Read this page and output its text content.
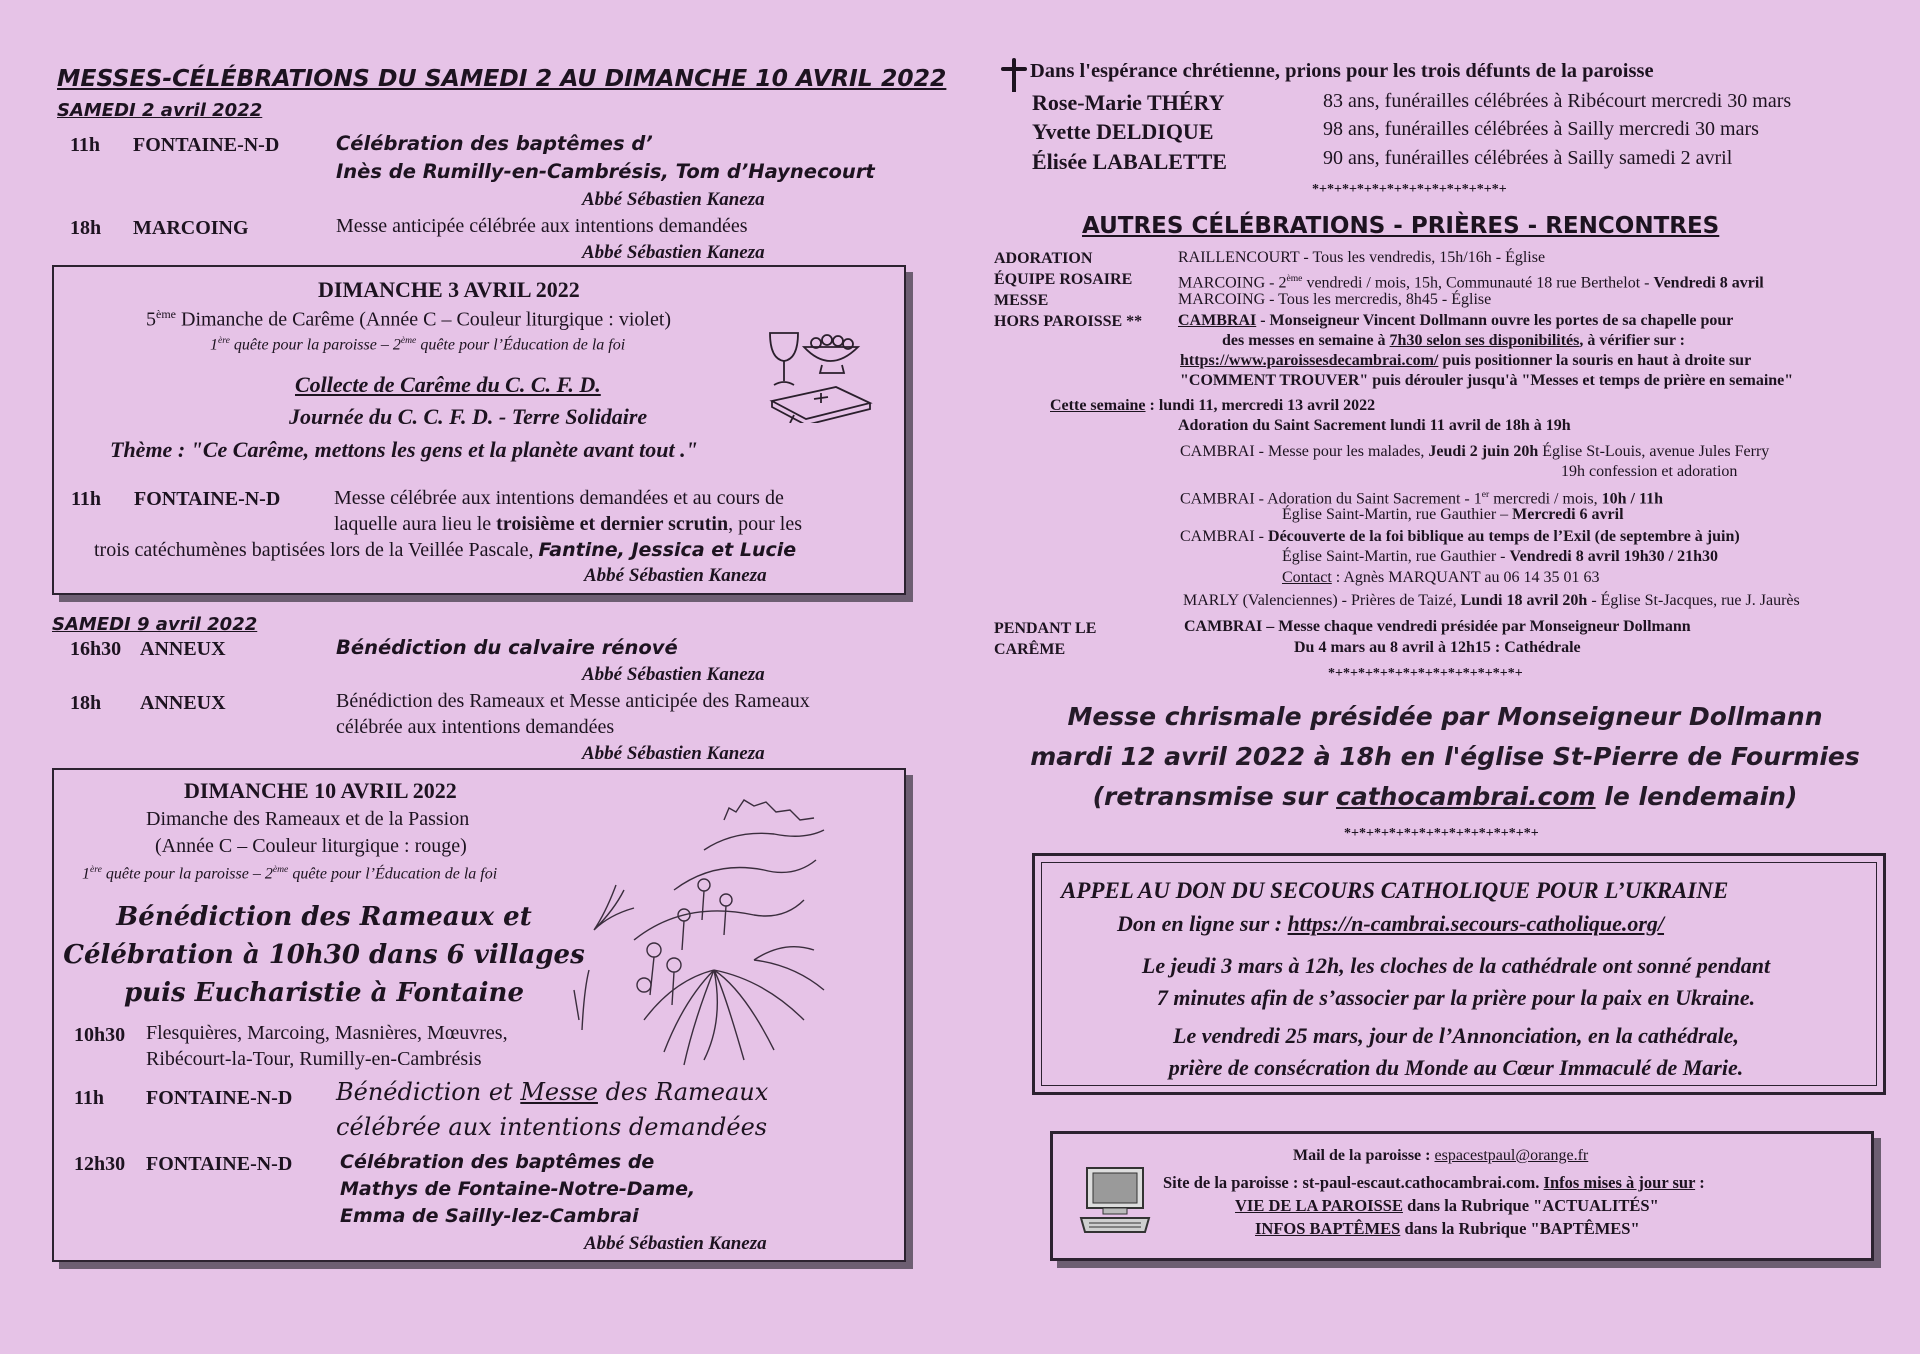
MESSES-CÉLÉBRATIONS DU SAMEDI 2 AU DIMANCHE 10 AVRIL 2022
SAMEDI 2 avril 2022
11h FONTAINE-N-D	Célébration des baptêmes d’
Inès de Rumilly-en-Cambrésis, Tom d’Haynecourt
Abbé Sébastien Kaneza
18h MARCOING	Messe anticipée célébrée aux intentions demandées
Abbé Sébastien Kaneza
DIMANCHE 3 AVRIL 2022
5ème Dimanche de Carême (Année C – Couleur liturgique : violet)
1ère quête pour la paroisse – 2ème quête pour l’Éducation de la foi
Collecte de Carême du C. C. F. D.
Journée du C. C. F. D. - Terre Solidaire
Thème : "Ce Carême, mettons les gens et la planète avant tout ."
11h FONTAINE-N-D	Messe célébrée aux intentions demandées et au cours de
laquelle aura lieu le troisième et dernier scrutin, pour les
trois catéchumènes baptisées lors de la Veillée Pascale, Fantine, Jessica et Lucie
Abbé Sébastien Kaneza
SAMEDI 9 avril 2022
16h30 ANNEUX	Bénédiction du calvaire rénové
Abbé Sébastien Kaneza
18h ANNEUX	Bénédiction des Rameaux et Messe anticipée des Rameaux
célébrée aux intentions demandées
Abbé Sébastien Kaneza
DIMANCHE 10 AVRIL 2022
Dimanche des Rameaux et de la Passion
(Année C – Couleur liturgique : rouge)
1ère quête pour la paroisse – 2ème quête pour l’Éducation de la foi
Bénédiction des Rameaux et
Célébration à 10h30 dans 6 villages
puis Eucharistie à Fontaine
10h30 Flesquières, Marcoing, Masnières, Mœuvres,
Ribécourt-la-Tour, Rumilly-en-Cambrésis
11h FONTAINE-N-D Bénédiction et Messe des Rameaux
célébrée aux intentions demandées
12h30 FONTAINE-N-D	Célébration des baptêmes de
Mathys de Fontaine-Notre-Dame,
Emma de Sailly-lez-Cambrai
Abbé Sébastien Kaneza
Dans l'espérance chrétienne, prions pour les trois défunts de la paroisse
Rose-Marie THÉRY	83 ans, funérailles célébrées à Ribécourt mercredi 30 mars
Yvette DELDIQUE	98 ans, funérailles célébrées à Sailly mercredi 30 mars
Élisée LABALETTE	90 ans, funérailles célébrées à Sailly samedi 2 avril
*+*+*+*+*+*+*+*+*+*+*+*+*+
AUTRES CÉLÉBRATIONS - PRIÈRES - RENCONTRES
ADORATION	RAILLENCOURT - Tous les vendredis, 15h/16h - Église
ÉQUIPE ROSAIRE	MARCOING - 2ème vendredi / mois, 15h, Communauté 18 rue Berthelot - Vendredi 8 avril
MESSE	MARCOING - Tous les mercredis, 8h45 - Église
HORS PAROISSE ** CAMBRAI - Monseigneur Vincent Dollmann ouvre les portes de sa chapelle pour
des messes en semaine à 7h30 selon ses disponibilités, à vérifier sur :
https://www.paroissesdecambrai.com/ puis positionner la souris en haut à droite sur
"COMMENT TROUVER" puis dérouler jusqu'à "Messes et temps de prière en semaine"
Cette semaine : lundi 11, mercredi 13 avril 2022
Adoration du Saint Sacrement lundi 11 avril de 18h à 19h
CAMBRAI - Messe pour les malades, Jeudi 2 juin 20h Église St-Louis, avenue Jules Ferry
19h confession et adoration
CAMBRAI - Adoration du Saint Sacrement - 1er mercredi / mois, 10h / 11h
Église Saint-Martin, rue Gauthier – Mercredi 6 avril
CAMBRAI - Découverte de la foi biblique au temps de l’Exil (de septembre à juin)
Église Saint-Martin, rue Gauthier - Vendredi 8 avril 19h30 / 21h30
Contact : Agnès MARQUANT au 06 14 35 01 63
MARLY (Valenciennes) - Prières de Taizé, Lundi 18 avril 20h - Église St-Jacques, rue J. Jaurès
PENDANT LE
CARÊME
CAMBRAI – Messe chaque vendredi présidée par Monseigneur Dollmann
Du 4 mars au 8 avril à 12h15 : Cathédrale
*+*+*+*+*+*+*+*+*+*+*+*+*+
Messe chrismale présidée par Monseigneur Dollmann
mardi 12 avril 2022 à 18h en l'église St-Pierre de Fourmies
(retransmise sur cathocambrai.com le lendemain)
*+*+*+*+*+*+*+*+*+*+*+*+*+
APPEL AU DON DU SECOURS CATHOLIQUE POUR L’UKRAINE
Don en ligne sur : https://n-cambrai.secours-catholique.org/
Le jeudi 3 mars à 12h, les cloches de la cathédrale ont sonné pendant
7 minutes afin de s’associer par la prière pour la paix en Ukraine.
Le vendredi 25 mars, jour de l’Annonciation, en la cathédrale,
prière de consécration du Monde au Cœur Immaculé de Marie.
Mail de la paroisse : espacestpaul@orange.fr
Site de la paroisse : st-paul-escaut.cathocambrai.com. Infos mises à jour sur :
VIE DE LA PAROISSE dans la Rubrique "ACTUALITÉS"
INFOS BAPTÊMES dans la Rubrique "BAPTÊMES"
